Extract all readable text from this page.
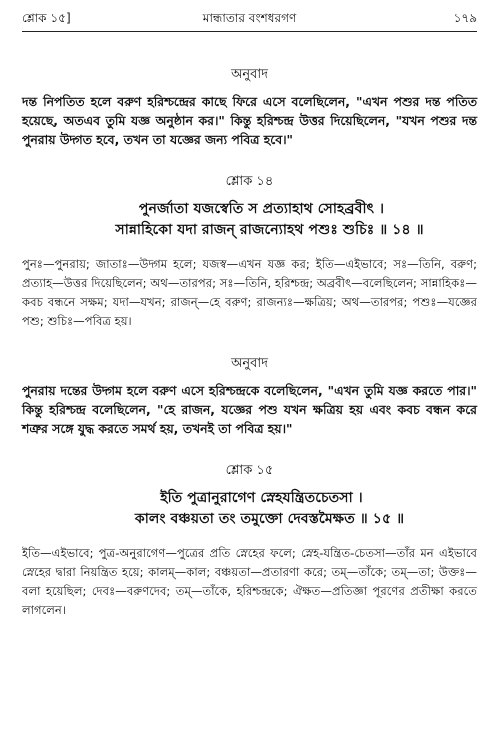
শ্লোক ১৫]	মান্ধাতার বংশধরগণ	১৭৯

অনুবাদ

দন্ত নিপতিত হলে বরুণ হরিশ্চন্দ্রের কাছে ফিরে এসে বলেছিলেন, "এখন পশুর দন্ত পতিত হয়েছে, অতএব তুমি যজ্ঞ অনুষ্ঠান কর।" কিন্তু হরিশ্চন্দ্র উত্তর দিয়েছিলেন, "যখন পশুর দন্ত পুনরায় উদ্গত হবে, তখন তা যজ্ঞের জন্য পবিত্র হবে।"

শ্লোক ১৪

পুনর্জাতা যজস্বেতি স প্রত্যাহাথ সোহব্রবীৎ ।

সান্নাহিকো যদা রাজন্ রাজন্যোহথ পশুঃ শুচিঃ ॥ ১৪ ॥

পুনঃ—পুনরায়; জাতাঃ—উদ্গম হলে; যজস্ব—এখন যজ্ঞ কর; ইতি—এইভাবে; সঃ—তিনি, বরুণ; প্রত্যাহ—উত্তর দিয়েছিলেন; অথ—তারপর; সঃ—তিনি, হরিশ্চন্দ্র; অব্রবীৎ—বলেছিলেন; সান্নাহিকঃ—কবচ বন্ধনে সক্ষম; যদা—যখন; রাজন্—হে বরুণ; রাজন্যঃ—ক্ষত্রিয়; অথ—তারপর; পশুঃ—যজ্ঞের পশু; শুচিঃ—পবিত্র হয়।

অনুবাদ

পুনরায় দন্তের উদ্গম হলে বরুণ এসে হরিশ্চন্দ্রকে বলেছিলেন, "এখন তুমি যজ্ঞ করতে পার।" কিন্তু হরিশ্চন্দ্র বলেছিলেন, "হে রাজন, যজ্ঞের পশু যখন ক্ষত্রিয় হয় এবং কবচ বন্ধন করে শত্রুর সঙ্গে যুদ্ধ করতে সমর্থ হয়, তখনই তা পবিত্র হয়।"

শ্লোক ১৫

ইতি পুত্রানুরাগেণ স্নেহযন্ত্রিতচেতসা ।

কালং বঞ্চয়তা তং তমুক্তো দেবস্তমৈক্ষত ॥ ১৫ ॥

ইতি—এইভাবে; পুত্র-অনুরাগেণ—পুত্রের প্রতি স্নেহের ফলে; স্নেহ-যন্ত্রিত-চেতসা—তাঁর মন এইভাবে স্নেহের দ্বারা নিয়ন্ত্রিত হয়ে; কালম্—কাল; বঞ্চয়তা—প্রতারণা করে; তম্—তাঁকে; তম্—তা; উক্তঃ—বলা হয়েছিল; দেবঃ—বরুণদেব; তম্—তাঁকে, হরিশ্চন্দ্রকে; ঐক্ষত—প্রতিজ্ঞা পূরণের প্রতীক্ষা করতে লাগলেন।
